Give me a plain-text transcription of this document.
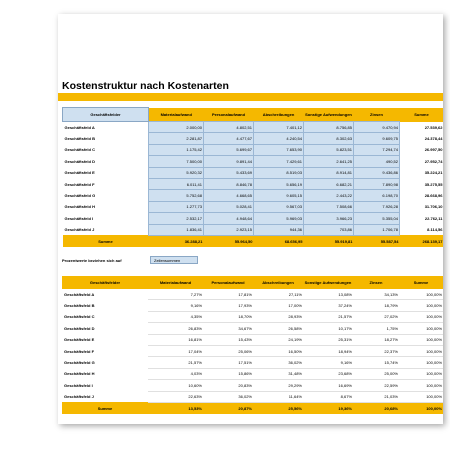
Kostenstruktur nach Kostenarten
Geschäftsfelder	Materialaufwand	Personalaufwand	Abschreibungen	Sonstige Aufwendungen	Zinsen	Summe
Geschäftsfeld A	2.000,00	4.802,51	7.401,12	8.756,85	9.470,94	27.539,62
Geschäftsfeld B	2.281,87	4.477,67	4.240,54	8.302,63	9.609,75	24.378,44
Geschäftsfeld C	1.175,42	5.699,67	7.653,90	5.823,51	7.294,74	26.997,50
Geschäftsfeld D	7.500,00	9.891,44	7.429,61	2.641,25	490,52	27.952,74
Geschäftsfeld E	5.920,32	5.433,69	8.519,03	8.914,81	9.436,86	35.224,21
Geschäftsfeld F	6.011,41	8.846,78	5.656,19	6.682,21	7.890,98	35.275,55
Geschäftsfeld G	5.752,68	4.668,65	9.605,15	2.443,22	6.198,70	28.668,96
Geschäftsfeld H	1.277,73	5.028,41	9.567,03	7.508,66	7.926,28	31.706,10
Geschäftsfeld I	2.532,17	4.948,64	5.969,03	3.966,23	5.355,04	22.762,11
Geschäftsfeld J	1.836,41	2.923,15	944,36	703,86	1.706,78	8.114,56
Summe	36.288,21	55.964,50	68.656,95	55.919,81	55.587,54	268.139,17
Prozentwerte beziehen sich auf	Zeilensummen
Geschäftsfelder	Materialaufwand	Personalaufwand	Abschreibungen	Sonstige Aufwendungen	Zinsen	Summe
Geschäftsfeld A	7,27%	17,81%	27,11%	13,08%	34,13%	100,00%
Geschäftsfeld B	9,16%	17,93%	17,00%	37,24%	18,79%	100,00%
Geschäftsfeld C	4,35%	18,70%	28,93%	21,57%	27,02%	100,00%
Geschäftsfeld D	26,83%	34,67%	26,58%	10,17%	1,75%	100,00%
Geschäftsfeld E	16,81%	15,43%	24,19%	25,31%	18,27%	100,00%
Geschäftsfeld F	17,04%	25,06%	16,50%	18,94%	22,37%	100,00%
Geschäftsfeld G	21,57%	17,51%	36,02%	9,16%	15,74%	100,00%
Geschäftsfeld H	4,03%	15,86%	31,48%	23,68%	25,00%	100,00%
Geschäftsfeld I	10,60%	20,83%	29,29%	16,69%	22,59%	100,00%
Geschäftsfeld J	22,63%	36,02%	11,64%	8,67%	21,03%	100,00%
Summe	13,53%	20,87%	25,56%	19,36%	20,68%	100,00%
